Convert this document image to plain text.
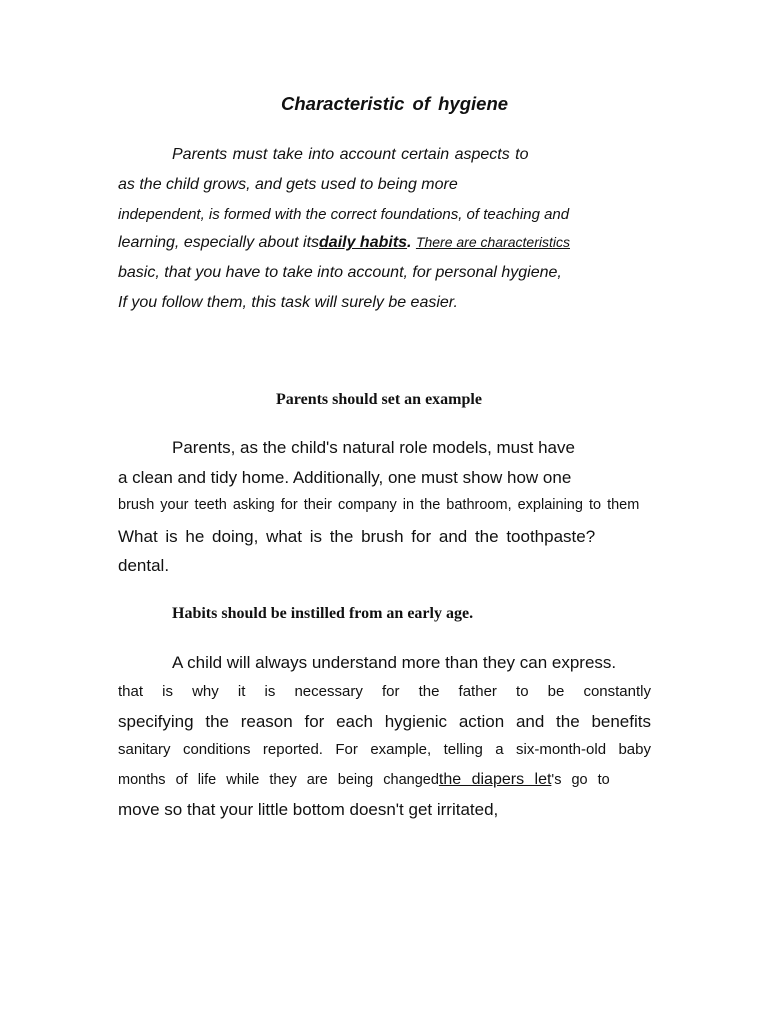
Characteristic of hygiene
Parents must take into account certain aspects to
as the child grows, and gets used to being more
independent, is formed with the correct foundations, of teaching and
learning, especially about itsdaily habits. There are characteristics
basic, that you have to take into account, for personal hygiene,
If you follow them, this task will surely be easier.
Parents should set an example
Parents, as the child's natural role models, must have
a clean and tidy home. Additionally, one must show how one
brush your teeth asking for their company in the bathroom, explaining to them
What is he doing, what is the brush for and the toothpaste?
dental.
Habits should be instilled from an early age.
A child will always understand more than they can express.
that is why it is necessary for the father to be constantly
specifying the reason for each hygienic action and the benefits
sanitary conditions reported. For example, telling a six-month-old baby
months of life while they are being changedthe diapers let's go to
move so that your little bottom doesn't get irritated,
